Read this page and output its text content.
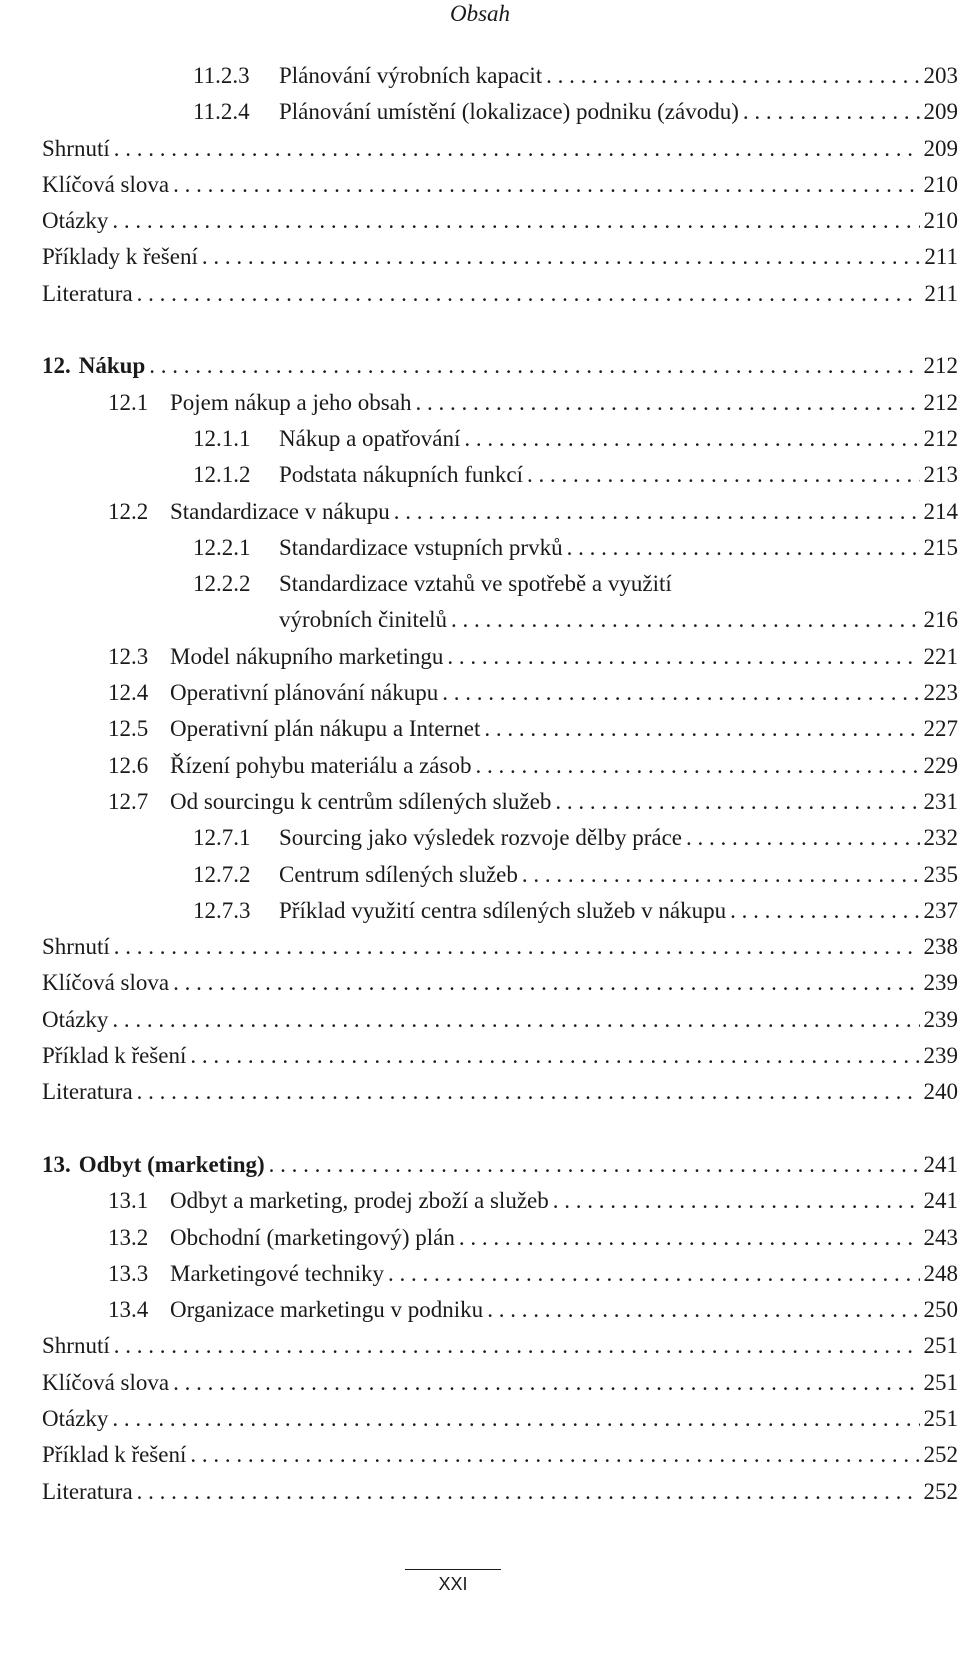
Obsah
11.2.3	Plánování výrobních kapacit . . .	203
11.2.4	Plánování umístění (lokalizace) podniku (závodu) . . .	209
Shrnutí . . .	209
Klíčová slova . . .	210
Otázky . . .	210
Příklady k řešení . . .	211
Literatura . . .	211
12. Nákup . . .	212
12.1 Pojem nákup a jeho obsah . . .	212
12.1.1	Nákup a opatřování . . .	212
12.1.2	Podstata nákupních funkcí . . .	213
12.2 Standardizace v nákupu . . .	214
12.2.1	Standardizace vstupních prvků . . .	215
12.2.2	Standardizace vztahů ve spotřebě a využití
výrobních činitelů . . .	216
12.3 Model nákupního marketingu . . .	221
12.4 Operativní plánování nákupu . . .	223
12.5 Operativní plán nákupu a Internet . . .	227
12.6 Řízení pohybu materiálu a zásob . . .	229
12.7 Od sourcingu k centrům sdílených služeb . . .	231
12.7.1	Sourcing jako výsledek rozvoje dělby práce . . .	232
12.7.2	Centrum sdílených služeb . . .	235
12.7.3	Příklad využití centra sdílených služeb v nákupu . . .	237
Shrnutí . . .	238
Klíčová slova . . .	239
Otázky . . .	239
Příklad k řešení . . .	239
Literatura . . .	240
13. Odbyt (marketing) . . .	241
13.1 Odbyt a marketing, prodej zboží a služeb . . .	241
13.2 Obchodní (marketingový) plán . . .	243
13.3 Marketingové techniky . . .	248
13.4 Organizace marketingu v podniku . . .	250
Shrnutí . . .	251
Klíčová slova . . .	251
Otázky . . .	251
Příklad k řešení . . .	252
Literatura . . .	252
XXI
